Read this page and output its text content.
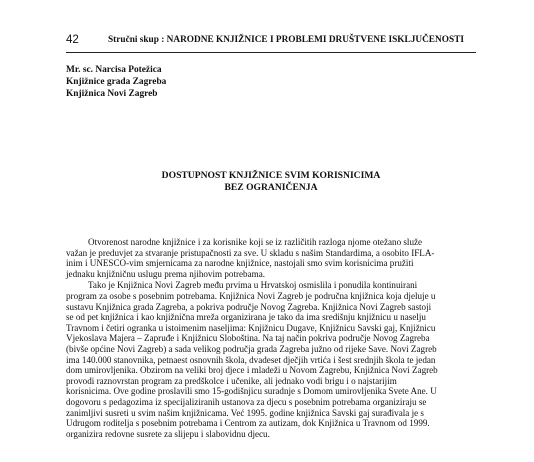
42	Stručni skup : NARODNE KNJIŽNICE I PROBLEMI DRUŠTVENE ISKLJUČENOSTI
Mr. sc. Narcisa Potežica
Knjižnice grada Zagreba
Knjižnica Novi Zagreb
DOSTUPNOST KNJIŽNICE SVIM KORISNICIMA
BEZ OGRANIČENJA

Otvorenost narodne knjižnice i za korisnike koji se iz različitih razloga njome otežano služe
važan je preduvjet za stvaranje pristupačnosti za sve. U skladu s našim Standardima, a osobito IFLA-
inim i UNESCO-vim smjernicama za narodne knjižnice, nastojali smo svim korisnicima pružiti
jednaku knjižničnu uslugu prema njihovim potrebama.

Tako je Knjižnica Novi Zagreb među prvima u Hrvatskoj osmislila i ponudila kontinuirani
program za osobe s posebnim potrebama. Knjižnica Novi Zagreb je područna knjižnica koja djeluje u
sustavu Knjižnica grada Zagreba, a pokriva područje Novog Zagreba. Knjižnica Novi Zagreb sastoji
se od pet knjižnica i kao knjižnična mreža organizirana je tako da ima središnju knjižnicu u naselju
Travnom i četiri ogranka u istoimenim naseljima: Knjižnicu Dugave, Knjižnicu Savski gaj, Knjižnicu
Vjekoslava Majera – Zapruđe i Knjižnicu Sloboština. Na taj način pokriva područje Novog Zagreba
(bivše općine Novi Zagreb) a sada velikog područja grada Zagreba južno od rijeke Save. Novi Zagreb
ima 140.000 stanovnika, petnaest osnovnih škola, dvadeset dječjih vrtića i šest srednjih škola te jedan
dom umirovljenika. Obzirom na veliki broj djece i mladeži u Novom Zagrebu, Knjižnica Novi Zagreb
provodi raznovrstan program za predškolce i učenike, ali jednako vodi brigu i o najstarijim
korisnicima. Ove godine proslavili smo 15-godišnjicu suradnje s Domom umirovljenika Svete Ane. U
dogovoru s pedagozima iz specijaliziranih ustanova za djecu s posebnim potrebama organiziraju se
zanimljivi susreti u svim našim knjižnicama. Već 1995. godine knjižnica Savski gaj surađivala je s
Udrugom roditelja s posebnim potrebama i Centrom za autizam, dok Knjižnica u Travnom od 1999.
organizira redovne susrete za slijepu i slabovidnu djecu.
